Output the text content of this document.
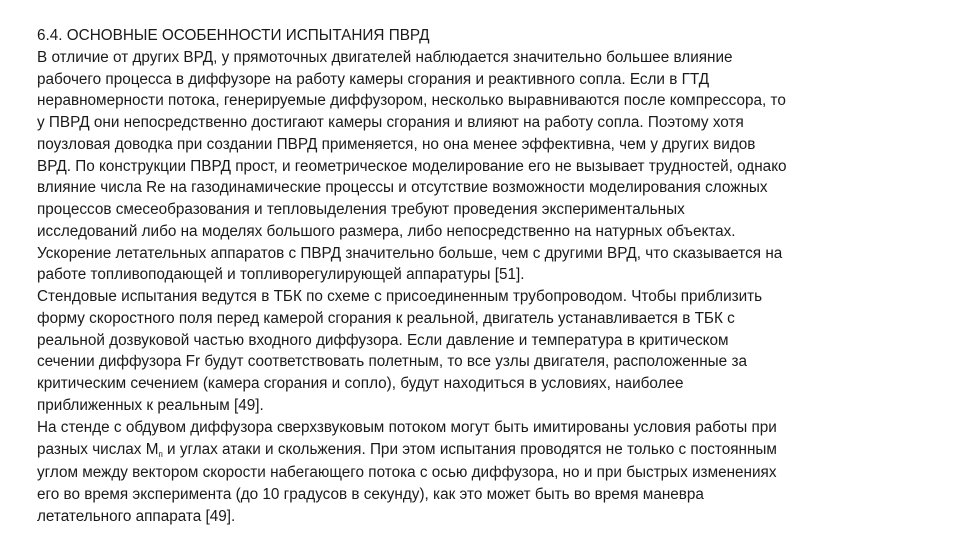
6.4. ОСНОВНЫЕ ОСОБЕННОСТИ ИСПЫТАНИЯ ПВРД
В отличие от других ВРД, у прямоточных двигателей наблюдается значительно большее влияние
рабочего процесса в диффузоре на работу камеры сгорания и реактивного сопла. Если в ГТД
неравномерности потока, генерируемые диффузором, несколько выравниваются после компрессора, то
у ПВРД они непосредственно достигают камеры сгорания и влияют на работу сопла. Поэтому хотя
поузловая доводка при создании ПВРД применяется, но она менее эффективна, чем у других видов
ВРД. По конструкции ПВРД прост, и геометрическое моделирование его не вызывает трудностей, однако
влияние числа Re на газодинамические процессы и отсутствие возможности моделирования сложных
процессов смесеобразования и тепловыделения требуют проведения экспериментальных
исследований либо на моделях большого размера, либо непосредственно на натурных объектах.
Ускорение летательных аппаратов с ПВРД значительно больше, чем с другими ВРД, что сказывается на
работе топливоподающей и топливорегулирующей аппаратуры [51].
Стендовые испытания ведутся в ТБК по схеме с присоединенным трубопроводом. Чтобы приблизить
форму скоростного поля перед камерой сгорания к реальной, двигатель устанавливается в ТБК с
реальной дозвуковой частью входного диффузора. Если давление и температура в критическом
сечении диффузора Fr будут соответствовать полетным, то все узлы двигателя, расположенные за
критическим сечением (камера сгорания и сопло), будут находиться в условиях, наиболее
приближенных к реальным [49].
На стенде с обдувом диффузора сверхзвуковым потоком могут быть имитированы условия работы при
разных числах $M_п$ и углах атаки и скольжения. При этом испытания проводятся не только с постоянным
углом между вектором скорости набегающего потока с осью диффузора, но и при быстрых изменениях
его во время эксперимента (до 10 градусов в секунду), как это может быть во время маневра
летательного аппарата [49].
